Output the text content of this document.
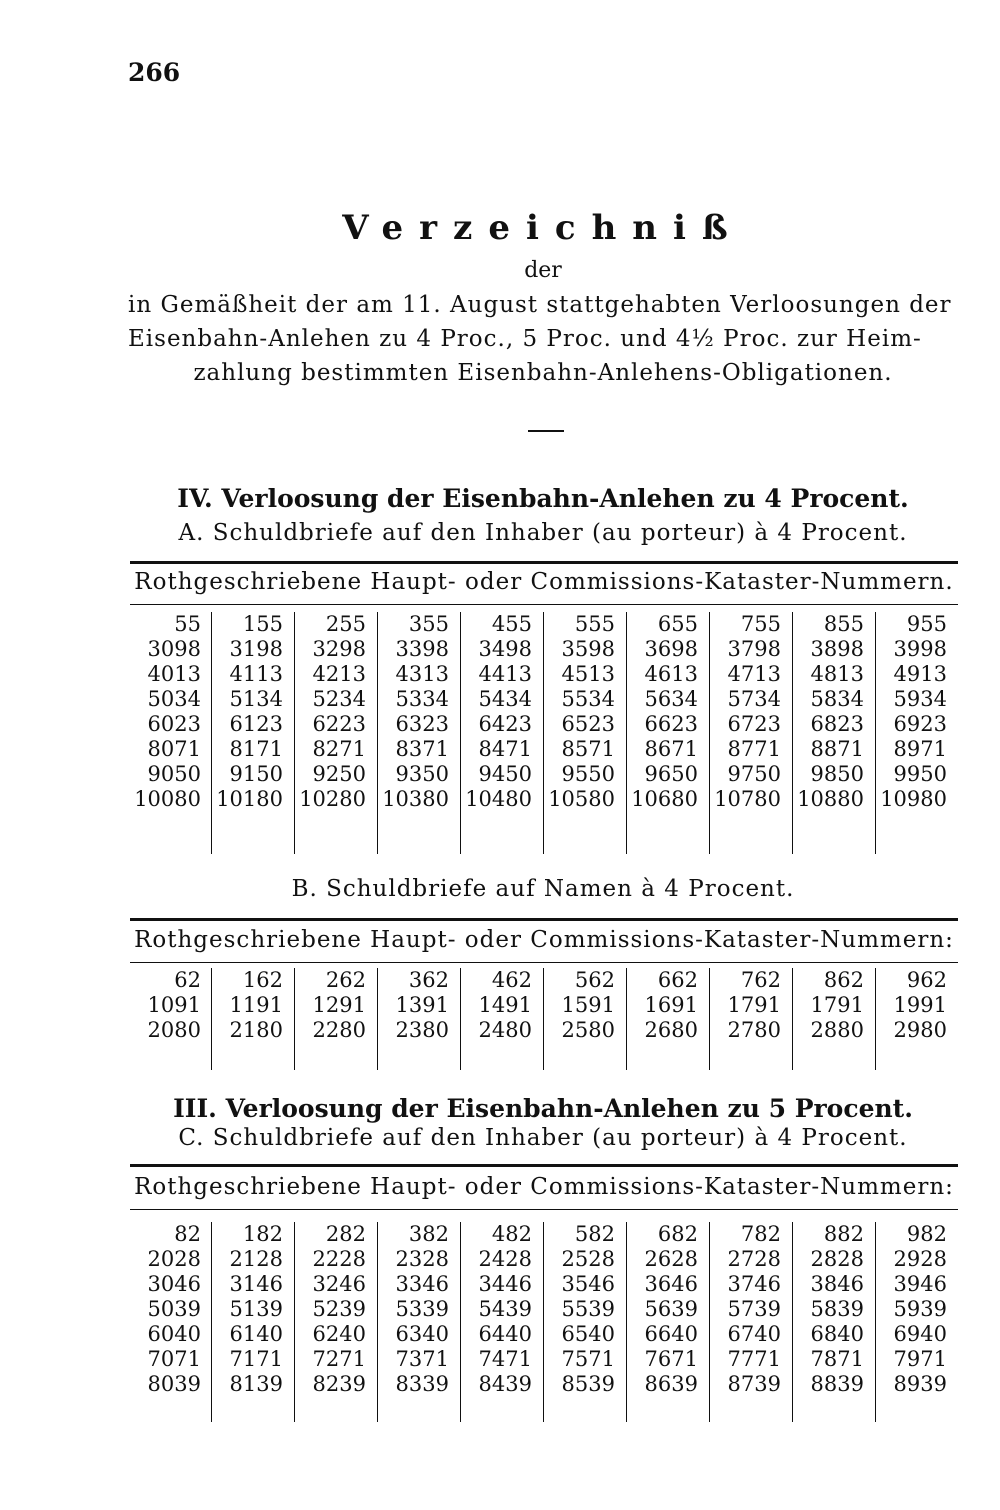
266
Verzeichniß
der
in Gemäßheit der am 11. August stattgehabten Verloosungen der
Eisenbahn-Anlehen zu 4 Proc., 5 Proc. und 4½ Proc. zur Heim-
zahlung bestimmten Eisenbahn-Anlehens-Obligationen.
IV. Verloosung der Eisenbahn-Anlehen zu 4 Procent.
A. Schuldbriefe auf den Inhaber (au porteur) à 4 Procent.
Rothgeschriebene Haupt- oder Commissions-Kataster-Nummern.
55
3098
4013
5034
6023
8071
9050
10080
155
3198
4113
5134
6123
8171
9150
10180
255
3298
4213
5234
6223
8271
9250
10280
355
3398
4313
5334
6323
8371
9350
10380
455
3498
4413
5434
6423
8471
9450
10480
555
3598
4513
5534
6523
8571
9550
10580
655
3698
4613
5634
6623
8671
9650
10680
755
3798
4713
5734
6723
8771
9750
10780
855
3898
4813
5834
6823
8871
9850
10880
955
3998
4913
5934
6923
8971
9950
10980
B. Schuldbriefe auf Namen à 4 Procent.
Rothgeschriebene Haupt- oder Commissions-Kataster-Nummern:
62
1091
2080
162
1191
2180
262
1291
2280
362
1391
2380
462
1491
2480
562
1591
2580
662
1691
2680
762
1791
2780
862
1791
2880
962
1991
2980
III. Verloosung der Eisenbahn-Anlehen zu 5 Procent.
C. Schuldbriefe auf den Inhaber (au porteur) à 4 Procent.
Rothgeschriebene Haupt- oder Commissions-Kataster-Nummern:
82
2028
3046
5039
6040
7071
8039
182
2128
3146
5139
6140
7171
8139
282
2228
3246
5239
6240
7271
8239
382
2328
3346
5339
6340
7371
8339
482
2428
3446
5439
6440
7471
8439
582
2528
3546
5539
6540
7571
8539
682
2628
3646
5639
6640
7671
8639
782
2728
3746
5739
6740
7771
8739
882
2828
3846
5839
6840
7871
8839
982
2928
3946
5939
6940
7971
8939
